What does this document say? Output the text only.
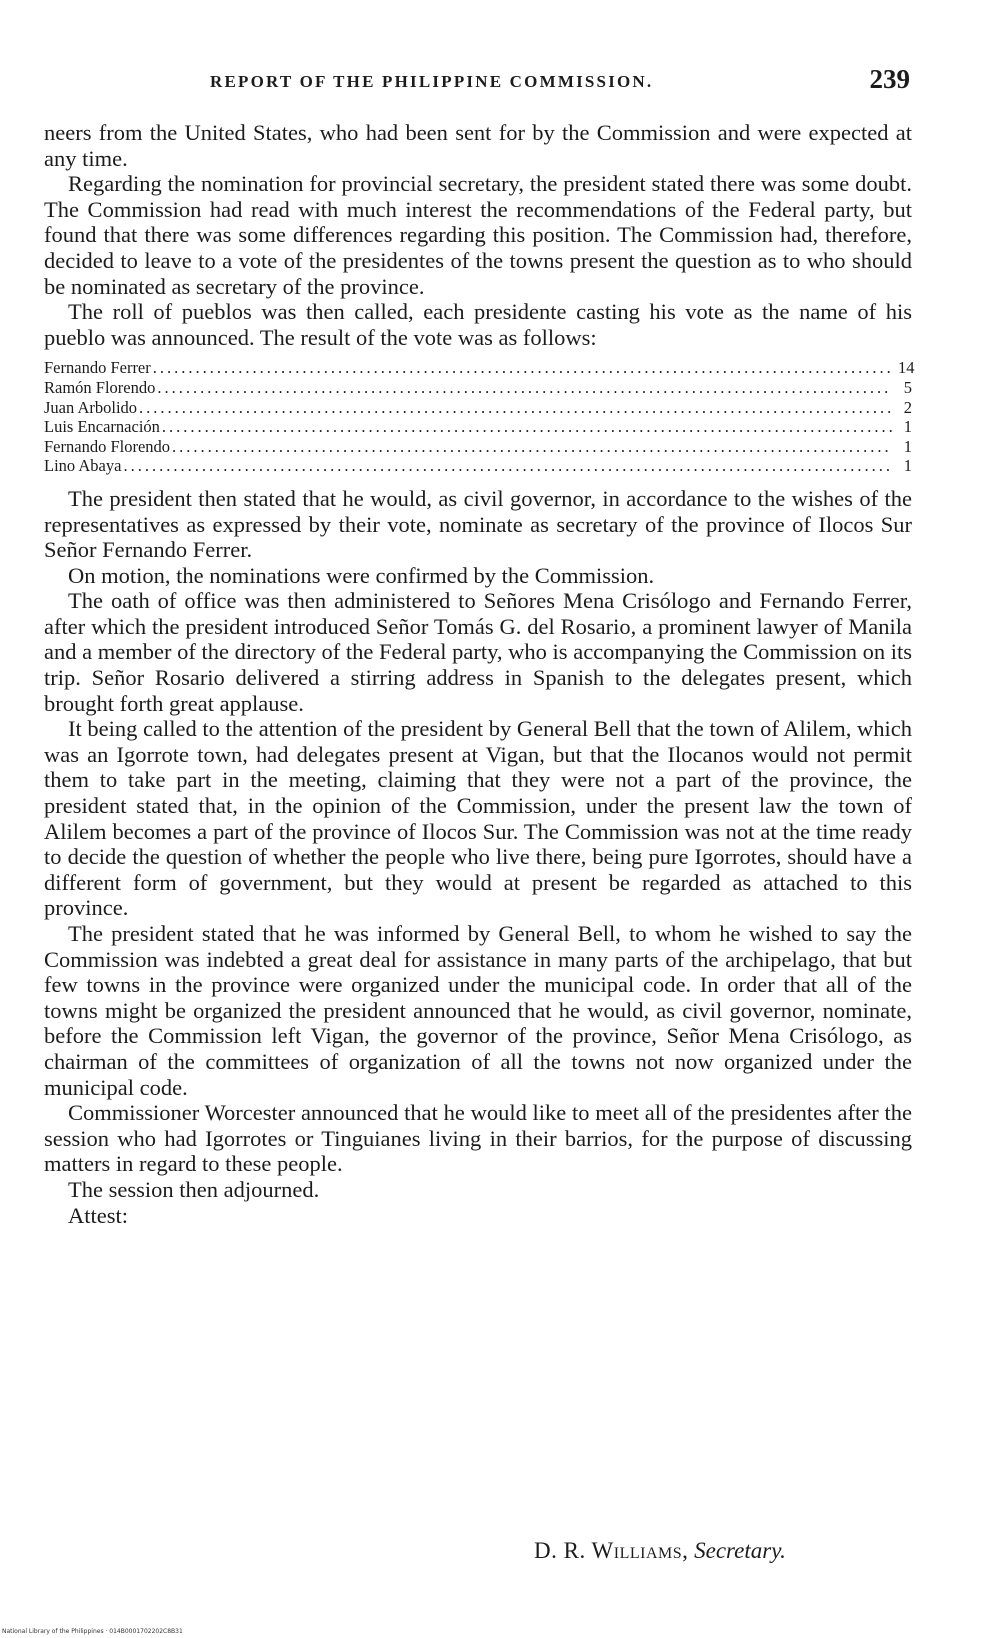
REPORT OF THE PHILIPPINE COMMISSION.	239

neers from the United States, who had been sent for by the Commission and were expected at any time.

Regarding the nomination for provincial secretary, the president stated there was some doubt. The Commission had read with much interest the recommendations of the Federal party, but found that there was some differences regarding this position. The Commission had, therefore, decided to leave to a vote of the presidentes of the towns present the question as to who should be nominated as secretary of the province.

The roll of pueblos was then called, each presidente casting his vote as the name of his pueblo was announced. The result of the vote was as follows:

Fernando Ferrer .....	14
Ramón Florendo .....	5
Juan Arbolido .....	2
Luis Encarnación .....	1
Fernando Florendo .....	1
Lino Abaya .....	1

The president then stated that he would, as civil governor, in accordance to the wishes of the representatives as expressed by their vote, nominate as secretary of the province of Ilocos Sur Señor Fernando Ferrer.

On motion, the nominations were confirmed by the Commission.

The oath of office was then administered to Señores Mena Crisólogo and Fernando Ferrer, after which the president introduced Señor Tomás G. del Rosario, a prominent lawyer of Manila and a member of the directory of the Federal party, who is accompanying the Commission on its trip. Señor Rosario delivered a stirring address in Spanish to the delegates present, which brought forth great applause.

It being called to the attention of the president by General Bell that the town of Alilem, which was an Igorrote town, had delegates present at Vigan, but that the Ilocanos would not permit them to take part in the meeting, claiming that they were not a part of the province, the president stated that, in the opinion of the Commission, under the present law the town of Alilem becomes a part of the province of Ilocos Sur. The Commission was not at the time ready to decide the question of whether the people who live there, being pure Igorrotes, should have a different form of government, but they would at present be regarded as attached to this province.

The president stated that he was informed by General Bell, to whom he wished to say the Commission was indebted a great deal for assistance in many parts of the archipelago, that but few towns in the province were organized under the municipal code. In order that all of the towns might be organized the president announced that he would, as civil governor, nominate, before the Commission left Vigan, the governor of the province, Señor Mena Crisólogo, as chairman of the committees of organization of all the towns not now organized under the municipal code.

Commissioner Worcester announced that he would like to meet all of the presidentes after the session who had Igorrotes or Tinguianes living in their barrios, for the purpose of discussing matters in regard to these people.

The session then adjourned.

Attest:

D. R. Williams, Secretary.
National Library of the Philippines · 014B0001702202C8B31
